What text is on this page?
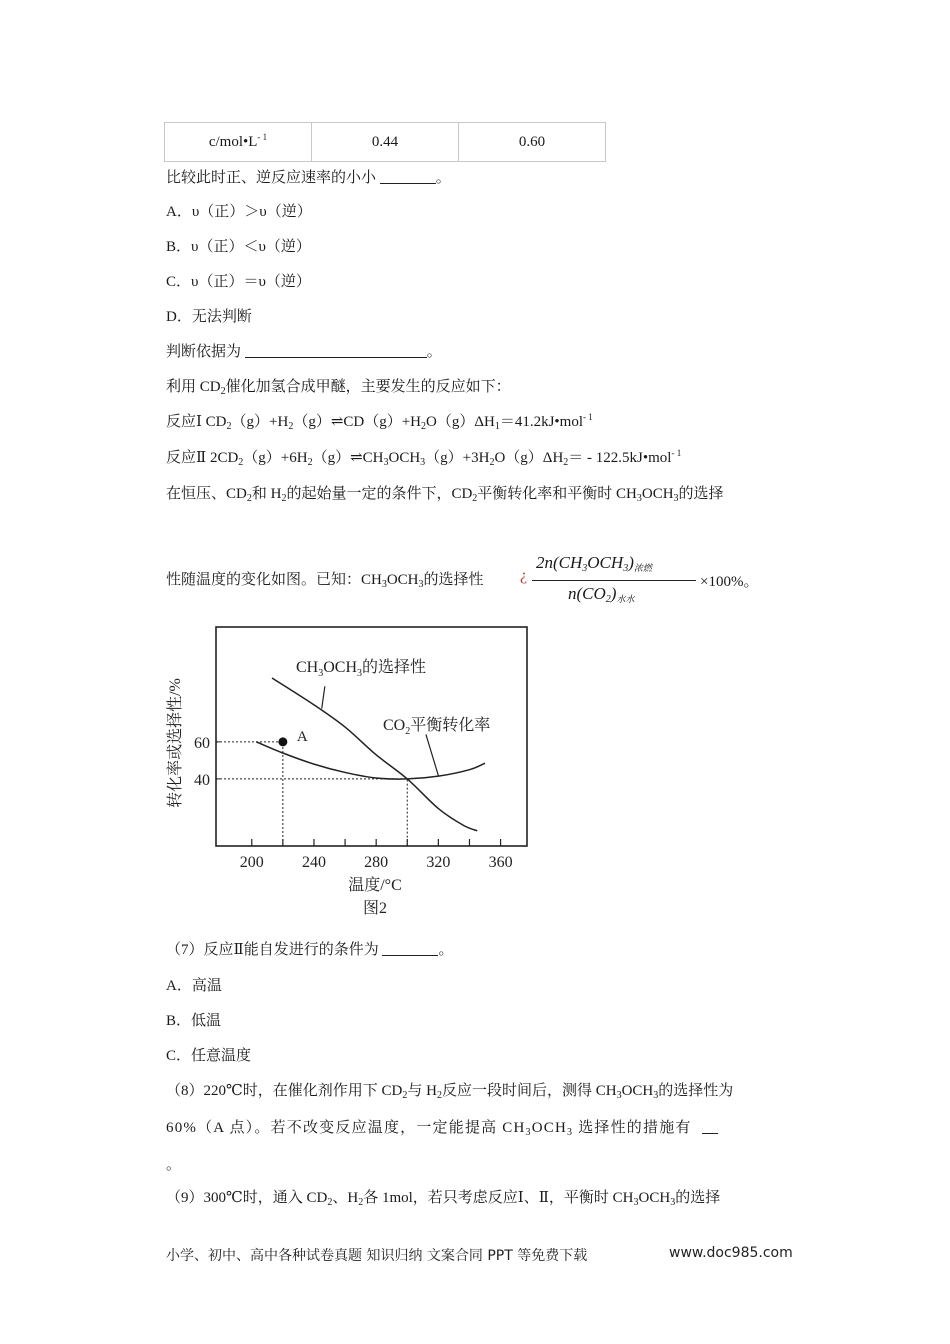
$c/mol•L^{- 1}$	0.44	0.60
比较此时正、逆反应速率的小小	。
A．υ（正）＞υ（逆）
B．υ（正）＜υ（逆）
C．υ（正）＝υ（逆）
D．无法判断
判断依据为	。
利用 $CD_2$催化加氢合成甲醚，主要发生的反应如下：
反应Ⅰ $CD_2(g)+H_2(g)\rightleftharpoons CD(g)+H_2O(g)\Delta H_1=41.2kJ•mol^{- 1}$
反应Ⅱ $2CD_2(g)+6H_2(g)\rightleftharpoons CH_3OCH_3(g)+3H_2O(g)\Delta H_2=$ - 122.5kJ•mol$^{- 1}$
在恒压、$CD_2$和 $H_2$的起始量一定的条件下，$CD_2$平衡转化率和平衡时 $CH_3OCH_3$的选择
性随温度的变化如图。已知：$CH_3OCH_3$的选择性 ¿
$2n(CH_3OCH_3)_{浓燃}$
$n(CO_2)_{水水}$
×100%。
200 240 280 320 360
40
60	A
转化率或选择性/%
温度/°C
图2
$CH_3OCH_3$的选择性
$CO_2$平衡转化率
（7）反应Ⅱ能自发进行的条件为	。
A．高温
B．低温
C．任意温度
（8）220℃时，在催化剂作用下 $CD_2$与 $H_2$反应一段时间后，测得 $CH_3OCH_3$的选择性为
60%（A 点）。若不改变反应温度，一定能提高 $CH_3OCH_3$ 选择性的措施有
。
（9）300℃时，通入 $CD_2$、$H_2$各 1mol，若只考虑反应Ⅰ、Ⅱ，平衡时 $CH_3OCH_3$的选择
小学、初中、高中各种试卷真题 知识归纳 文案合同 PPT 等免费下载	www.doc985.com
